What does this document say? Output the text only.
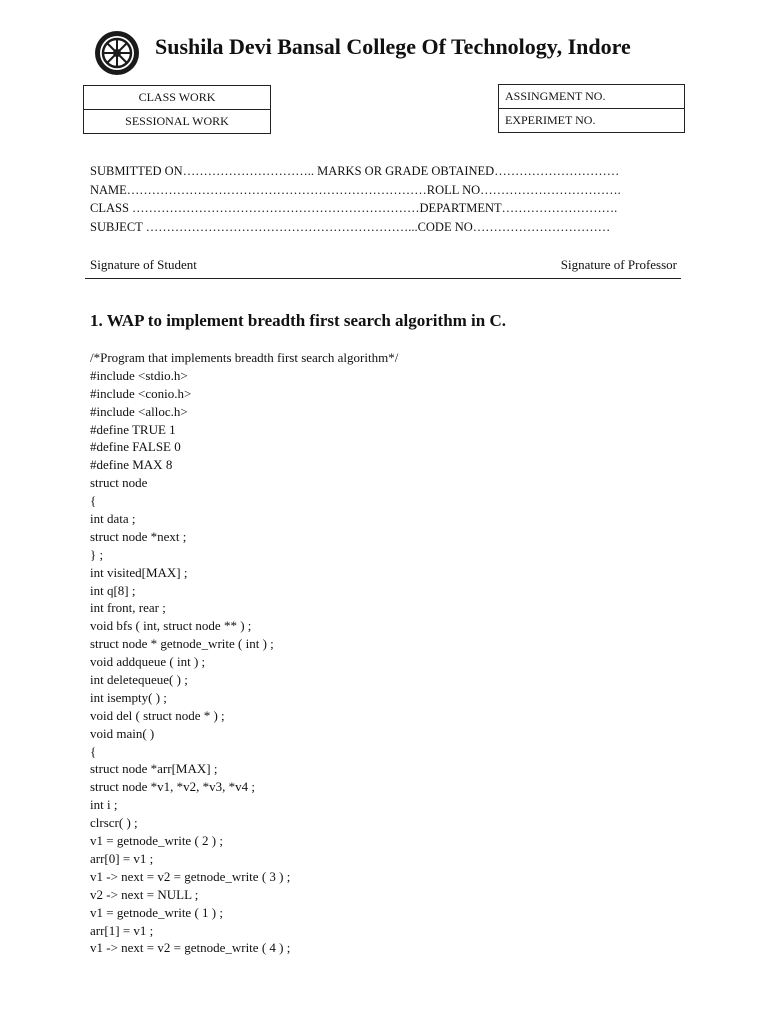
Sushila Devi Bansal College Of Technology, Indore
CLASS WORK
SESSIONAL WORK
ASSINGMENT NO.
EXPERIMET NO.
SUBMITTED ON………………………….. MARKS OR GRADE OBTAINED…………………………
NAME………………………………………………………………ROLL NO…………………………….
CLASS ……………………………………………………………DEPARTMENT……………………….
SUBJECT ………………………………………………………...CODE NO……………………………
Signature of Student	Signature of Professor
1. WAP to implement breadth first search algorithm in C.
/*Program that implements breadth first search algorithm*/
#include <stdio.h>
#include <conio.h>
#include <alloc.h>
#define TRUE 1
#define FALSE 0
#define MAX 8
struct node
{
int data ;
struct node *next ;
} ;
int visited[MAX] ;
int q[8] ;
int front, rear ;
void bfs ( int, struct node ** ) ;
struct node * getnode_write ( int ) ;
void addqueue ( int ) ;
int deletequeue( ) ;
int isempty( ) ;
void del ( struct node * ) ;
void main( )
{
struct node *arr[MAX] ;
struct node *v1, *v2, *v3, *v4 ;
int i ;
clrscr( ) ;
v1 = getnode_write ( 2 ) ;
arr[0] = v1 ;
v1 -> next = v2 = getnode_write ( 3 ) ;
v2 -> next = NULL ;
v1 = getnode_write ( 1 ) ;
arr[1] = v1 ;
v1 -> next = v2 = getnode_write ( 4 ) ;
